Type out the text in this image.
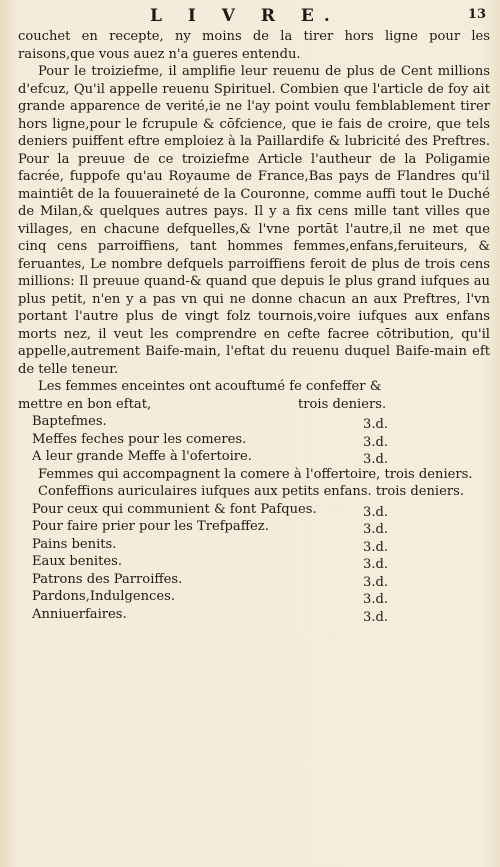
L I V R E.	13

couchet en recepte, ny moins de la tirer hors ligne pour les raisons,que vous auez n'a gueres entendu.

Pour le troiziefme, il amplifie leur reuenu de plus de Cent millions d'efcuz, Qu'il appelle reuenu Spirituel. Combien que l'article de foy ait grande apparence de verité,ie ne l'ay point voulu femblablement tirer hors ligne,pour le fcrupule & cōfcience, que ie fais de croire, que tels deniers puiffent eftre emploiez à la Paillardife & lubricité des Preftres. Pour la preuue de ce troiziefme Article l'autheur de la Poligamie facrée, fuppofe qu'au Royaume de France,Bas pays de Flandres qu'il maintiêt de la fouueraineté de la Couronne, comme auffi tout le Duché de Milan,& quelques autres pays. Il y a fix cens mille tant villes que villages, en chacune defquelles,& l'vne portāt l'autre,il ne met que cinq cens parroiffiens, tant hommes femmes,enfans,feruiteurs, & feruantes, Le nombre defquels parroiffiens feroit de plus de trois cens millions: Il preuue quand-& quand que depuis le plus grand iufques au plus petit, n'en y a pas vn qui ne donne chacun an aux Preftres, l'vn portant l'autre plus de vingt folz tournois,voire iufques aux enfans morts nez, il veut les comprendre en cefte facree cōtribution, qu'il appelle,autrement Baife-main, l'eftat du reuenu duquel Baife-main eft de telle teneur.

Les femmes enceintes ont acouftumé fe confeffer &

mettre en bon eftat,	trois deniers.
Baptefmes.	3.d.
Meffes feches pour les comeres.	3.d.
A leur grande Meffe à l'ofertoire.	3.d.

Femmes qui accompagnent la comere à l'offertoire, trois deniers.

Confeffions auriculaires iufques aux petits enfans. trois deniers.

Pour ceux qui communient & font Pafques.	3.d.
Pour faire prier pour les Trefpaffez.	3.d.
Pains benits.	3.d.
Eaux benites.	3.d.
Patrons des Parroiffes.	3.d.
Pardons,Indulgences.	3.d.
Anniuerfaires.	3.d.
